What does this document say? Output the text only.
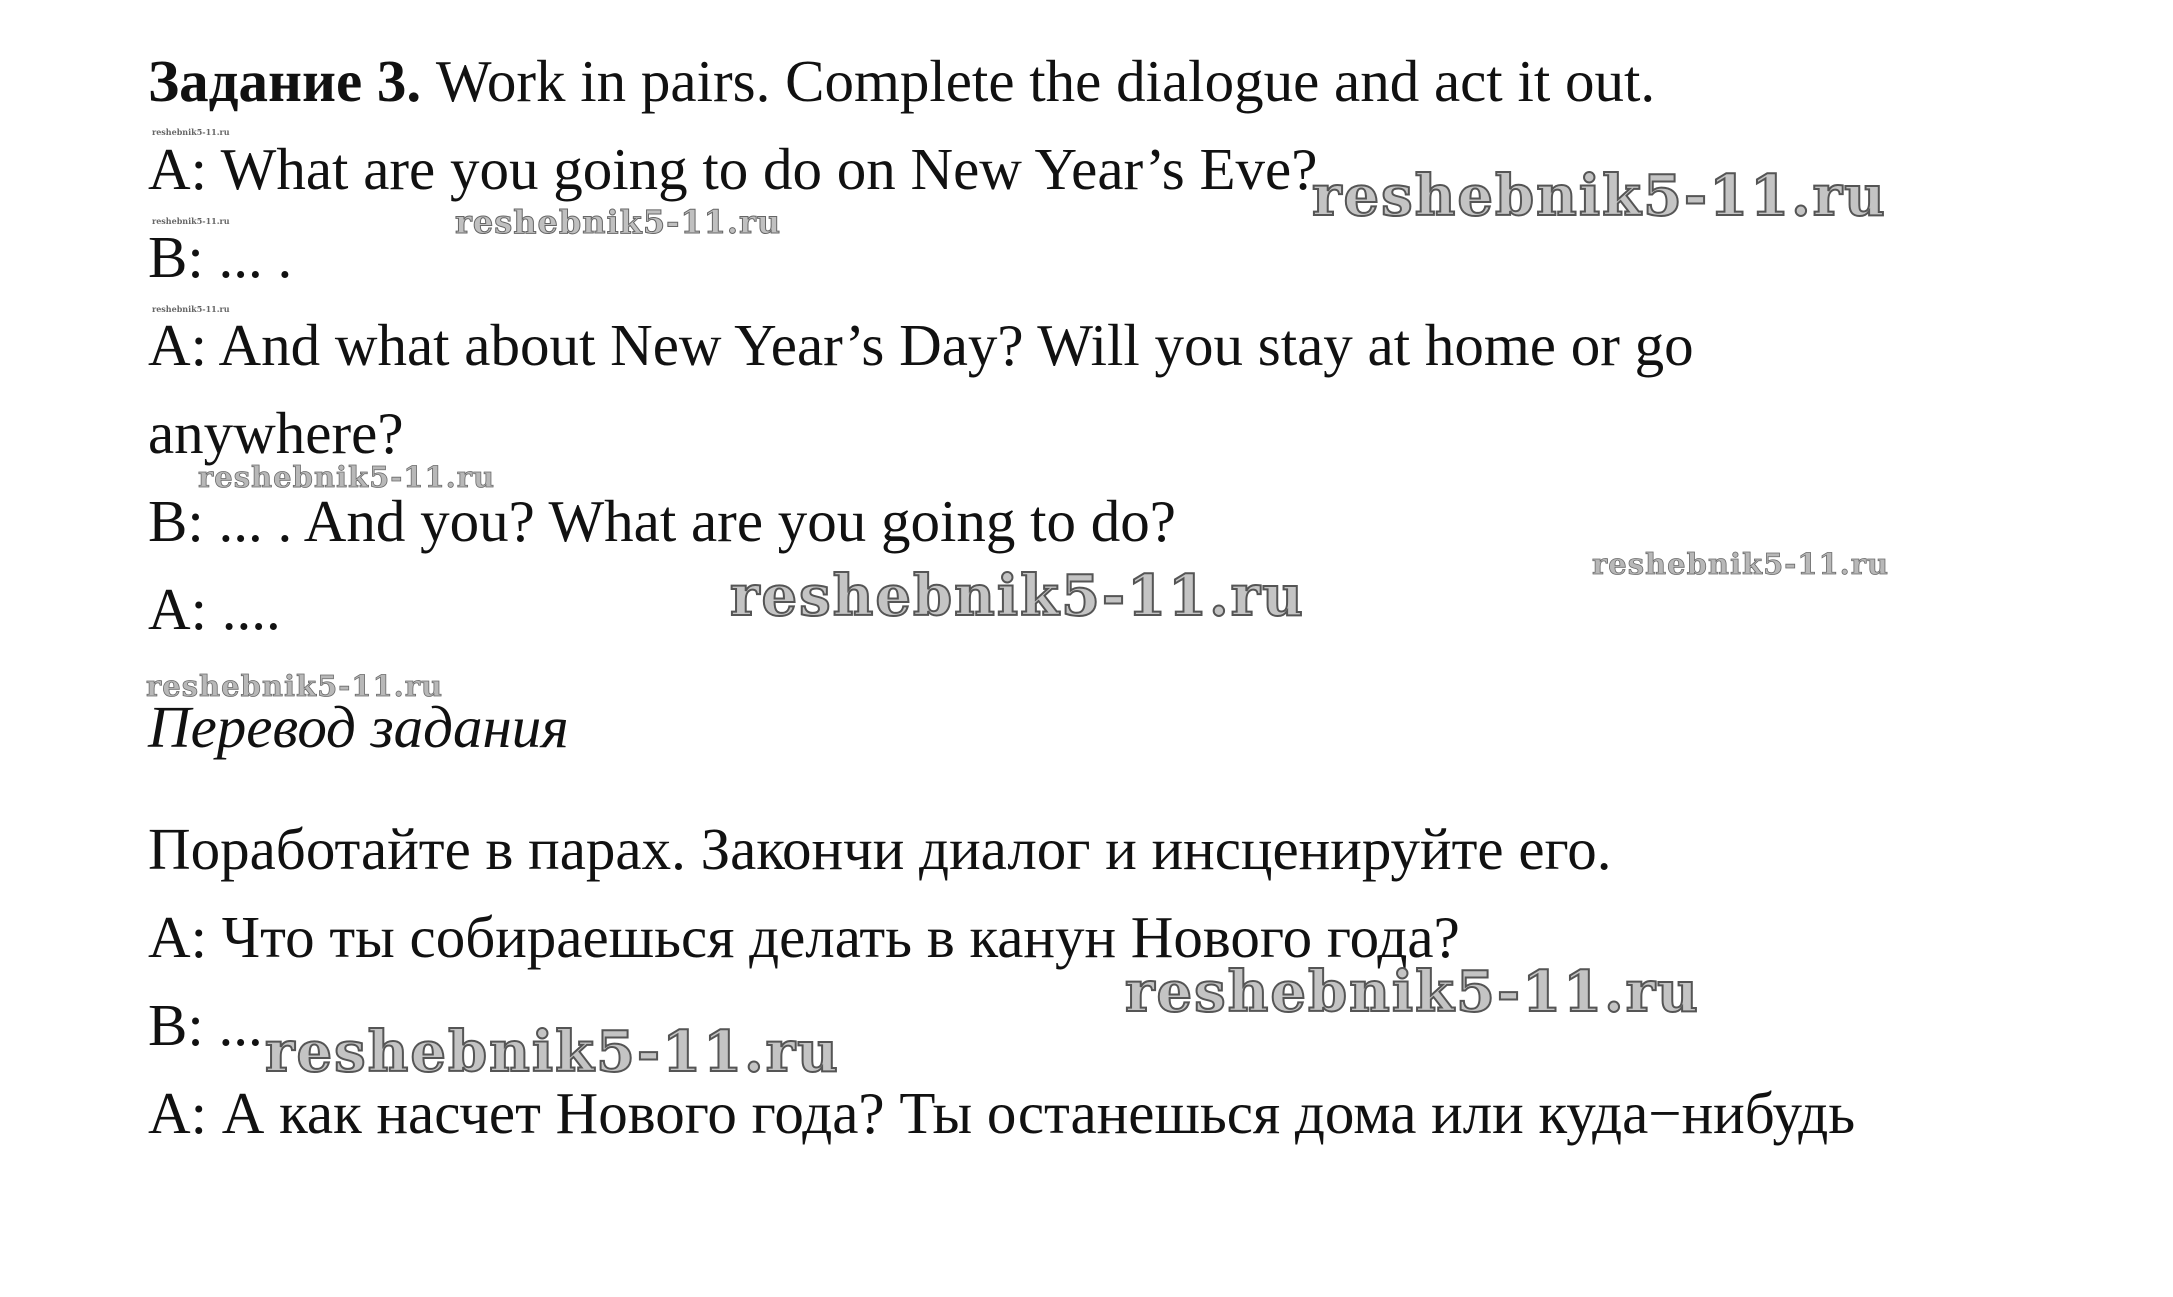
Задание 3. Work in pairs. Complete the dialogue and act it out.
A: What are you going to do on New Year’s Eve?
B: ... .
A: And what about New Year’s Day? Will you stay at home or go
anywhere?
B: ... . And you? What are you going to do?
A: ....
Перевод задания
Поработайте в парах. Закончи диалог и инсценируйте его.
A: Что ты собираешься делать в канун Нового года?
B: ...
A: А как насчет Нового года? Ты останешься дома или куда−нибудь
reshebnik5-11.ru
reshebnik5-11.ru
reshebnik5-11.ru
reshebnik5-11.ru
reshebnik5-11.ru
reshebnik5-11.ru
reshebnik5-11.ru
reshebnik5-11.ru
reshebnik5-11.ru
reshebnik5-11.ru
reshebnik5-11.ru
